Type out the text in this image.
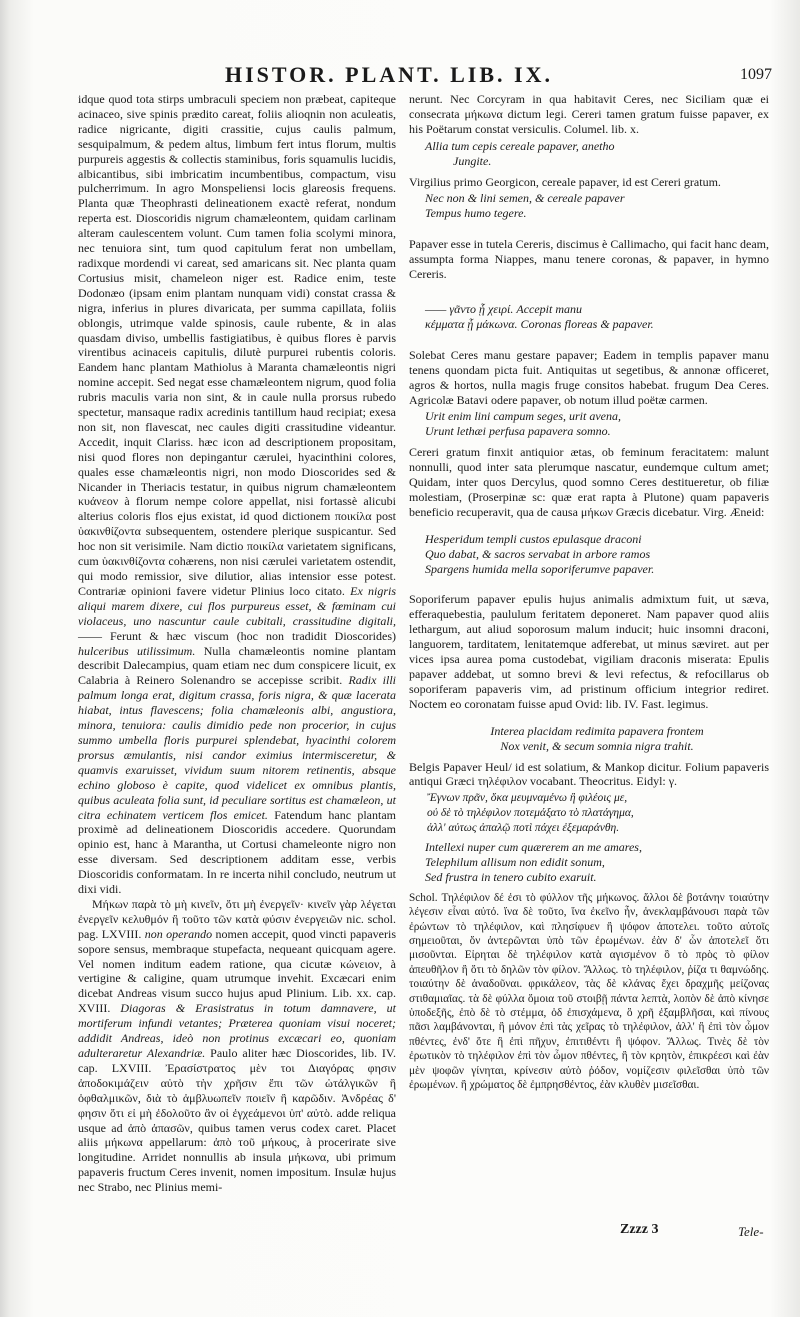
HISTOR. PLANT. LIB. IX.	1097

idque quod tota stirps umbraculi speciem non præbeat, capiteque acinaceo, sive spinis prædito careat, foliis alioqnin non aculeatis, radice nigricante, digiti crassitie, cujus caulis palmum, sesquipalmum, & pedem altus, limbum fert intus florum, multis purpureis aggestis & collectis staminibus, foris squamulis lucidis, albicantibus, sibi imbricatim incumbentibus, compactum, visu pulcherrimum. In agro Monspeliensi locis glareosis frequens. Planta quæ Theophrasti delineationem exactè referat, nondum reperta est. Dioscoridis nigrum chamæleontem, quidam carlinam alteram caulescentem volunt. Cum tamen folia scolymi minora, nec tenuiora sint, tum quod capitulum ferat non umbellam, radixque mordendi vi careat, sed amaricans sit. Nec planta quam Cortusius misit, chameleon niger est. Radice enim, teste Dodonæo (ipsam enim plantam nunquam vidi) constat crassa & nigra, inferius in plures divaricata, per summa capillata, foliis oblongis, utrimque valde spinosis, caule rubente, & in alas quasdam diviso, umbellis fastigiatibus, è quibus flores è parvis virentibus acinaceis capitulis, dilutè purpurei rubentis coloris. Eandem hanc plantam Mathiolus à Maranta chamæleontis nigri nomine accepit. Sed negat esse chamæleontem nigrum, quod folia rubris maculis varia non sint, & in caule nulla prorsus rubedo spectetur, mansaque radix acredinis tantillum haud recipiat; exesa non sit, non flavescat, nec caules digiti crassitudine videantur. Accedit, inquit Clariss. hæc icon ad descriptionem propositam, nisi quod flores non depingantur cærulei, hyacinthini colores, quales esse chamæleontis nigri, non modo Dioscorides sed & Nicander in Theriacis testatur, in quibus nigrum chamæleontem κυάνεον à florum nempe colore appellat, nisi fortassè alicubi alterius coloris flos ejus existat, id quod dictionem ποικίλα post ὑακινθίζοντα subsequentem, ostendere plerique suspicantur. Sed hoc non sit verisimile. Nam dictio ποικίλα varietatem significans, cum ὑακινθίζοντα cohærens, non nisi cærulei varietatem ostendit, qui modo remissior, sive dilutior, alias intensior esse potest. Contrariæ opinioni favere videtur Plinius loco citato. Ex nigris aliqui marem dixere, cui flos purpureus esset, & fœminam cui violaceus, uno nascuntur caule cubitali, crassitudine digitali, —— Ferunt & hæc viscum (hoc non tradidit Dioscorides) hulceribus utilissimum. Nulla chamæleontis nomine plantam describit Dalecampius, quam etiam nec dum conspicere licuit, ex Calabria à Reinero Solenandro se accepisse scribit. Radix illi palmum longa erat, digitum crassa, foris nigra, & quæ lacerata hiabat, intus flavescens; folia chamæleonis albi, angustiora, minora, tenuiora: caulis dimidio pede non procerior, in cujus summo umbella floris purpurei splendebat, hyacinthi colorem prorsus æmulantis, nisi candor eximius intermisceretur, & quamvis exaruisset, vividum suum nitorem retinentis, absque echino globoso è capite, quod videlicet ex omnibus plantis, quibus aculeata folia sunt, id peculiare sortitus est chamæleon, ut citra echinatem verticem flos emicet. Fatendum hanc plantam proximè ad delineationem Dioscoridis accedere. Quorundam opinio est, hanc à Marantha, ut Cortusi chameleonte nigro non esse diversam. Sed descriptionem additam esse, verbis Dioscoridis conformatam. In re incerta nihil concludo, neutrum ut dixi vidi.

Μήκων παρὰ τὸ μὴ κινεῖν, ὅτι μὴ ἐνεργεῖν· κινεῖν γὰρ λέγεται ἐνεργεῖν κελυθμόν ἢ τοῦτο τῶν κατὰ φύσιν ἐνεργειῶν nic. schol. pag. LXVIII. non operando nomen accepit, quod vincti papaveris sopore sensus, membraque stupefacta, nequeant quicquam agere. Vel nomen inditum eadem ratione, qua cicutæ κώνειον, à vertigine & caligine, quam utrumque invehit. Excæcari enim dicebat Andreas visum succo hujus apud Plinium. Lib. xx. cap. XVIII. Diagoras & Erasistratus in totum damnavere, ut mortiferum infundi vetantes; Præterea quoniam visui noceret; addidit Andreas, ideò non protinus excæcari eo, quoniam adulteraretur Alexandriæ. Paulo aliter hæc Dioscorides, lib. IV. cap. LXVIII. Ἐρασίστρατος μὲν τοι Διαγόρας φησιν ἀποδοκιμάζειν αὐτὸ τὴν χρῆσιν ἔπι τῶν ὠτάλγικῶν ἢ ὀφθαλμικῶν, διὰ τὸ ἀμβλυωπεῖν ποιεῖν ἢ καρῶδιν. Ἀνδρέας δ' φησιν ὅτι εἰ μὴ ἐδολοῦτο ἂν οἱ ἐγχεάμενοι ὑπ' αὐτὸ. adde reliqua usque ad ἀπὸ ἀπασῶν, quibus tamen verus codex caret. Placet aliis μήκωνα appellarum: ἀπὸ τοῦ μήκους, à procerirate sive longitudine. Arridet nonnullis ab insula μήκωνα, ubi primum papaveris fructum Ceres invenit, nomen impositum. Insulæ hujus nec Strabo, nec Plinius memi-

nerunt. Nec Corcyram in qua habitavit Ceres, nec Siciliam quæ ei consecrata μήκωνα dictum legi. Cereri tamen gratum fuisse papaver, ex his Poëtarum constat versiculis. Columel. lib. x.

Allia tum cepis cereale papaver, anetho
Jungite.

Virgilius primo Georgicon, cereale papaver, id est Cereri gratum.

Nec non & lini semen, & cereale papaver
Tempus humo tegere.

Papaver esse in tutela Cereris, discimus è Callimacho, qui facit hanc deam, assumpta forma Niappes, manu tenere coronas, & papaver, in hymno Cereris.

—— γᾶντο ᾗ χειρί. Accepit manu
κέμματα ᾗ μάκωνα. Coronas floreas & papaver.

Solebat Ceres manu gestare papaver; Eadem in templis papaver manu tenens quondam picta fuit. Antiquitas ut segetibus, & annonæ officeret, agros & hortos, nulla magis fruge consitos habebat. frugum Dea Ceres. Agricolæ Batavi odere papaver, ob notum illud poëtæ carmen.

Urit enim lini campum seges, urit avena,
Urunt lethæi perfusa papavera somno.

Cereri gratum finxit antiquior ætas, ob feminum feracitatem: malunt nonnulli, quod inter sata plerumque nascatur, eundemque cultum amet; Quidam, inter quos Dercylus, quod somno Ceres destitueretur, ob filiæ molestiam, (Proserpinæ sc: quæ erat rapta à Plutone) quam papaveris beneficio recuperavit, qua de causa μήκων Græcis dicebatur. Virg. Æneid:

Hesperidum templi custos epulasque draconi
Quo dabat, & sacros servabat in arbore ramos
Spargens humida mella soporiferumve papaver.

Soporiferum papaver epulis hujus animalis admixtum fuit, ut sæva, efferaquebestia, paululum feritatem deponeret. Nam papaver quod aliis lethargum, aut aliud soporosum malum inducit; huic insomni draconi, languorem, tarditatem, lenitatemque adferebat, ut minus sæviret. aut per vices ipsa aurea poma custodebat, vigiliam draconis miserata: Epulis papaver addebat, ut somno brevi & levi refectus, & refocillarus ob soporiferam papaveris vim, ad pristinum officium integrior rediret. Noctem eo coronatam fuisse apud Ovid: lib. IV. Fast. legimus.

Interea placidam redimita papavera frontem
Nox venit, & secum somnia nigra trahit.

Belgis Papaver Heul/ id est solatium, & Mankop dicitur. Folium papaveris antiqui Græci τηλέφιλον vocabant. Theocritus. Eidyl: γ.

Ἔγνων πρᾶν, ὅκα μευμναμένω ἢ φιλέοις με,
οὐ δὲ τὸ τηλέφιλον ποτεμάξατο τὸ πλατάγημα,
ἀλλ' αὐτως ἀπαλῷ ποτὶ πάχει ἐξεμαράνθη.
Intellexi nuper cum quærerem an me amares,
Telephilum allisum non edidit sonum,
Sed frustra in tenero cubito exaruit.

Schol. Τηλέφιλον δέ ἐσι τὸ φύλλον τῆς μήκωνος. ἄλλοι δὲ βοτάνην τοιαύτην λέγεσιν εἶναι αὐτό. ἵνα δὲ τοῦτο, ἵνα ἐκεῖνο ἦν, ἀνεκλαμβάνουσι παρὰ τῶν ἐρώντων τὸ τηλέφιλον, καὶ πλησίφυεν ἢ ψόφον ἀποτελει. τοῦτο αὐτοῖς σημειοῦται, ὅν ἀντερῶνται ὑπὸ τῶν ἐρωμένων. ἐὰν δ' ὧν ἀποτελεῖ ὅτι μισοῦνται. Εἰρηται δὲ τηλέφιλον κατὰ αγισμένον ὃ τὸ πρὸς τὸ φίλον ἀπευθῆλον ἢ ὅτι τὸ δηλῶν τὸν φίλον. Ἄλλως. τὸ τηλέφιλον, ῥίζα τι θαμνώδης. τοιαύτην δὲ ἀναδοῦναι. φρικάλεον, τὰς δὲ κλάνας ἔχει δραχμῆς μείζονας στιθαμιαῖας. τὰ δὲ φύλλα ὅμοια τοῦ στοιβῇ πάντα λεπτὰ, λοπὸν δὲ ἀπὸ κίνησε ὑποδεξῆς, ἐπὸ δὲ τὸ στέμμα, ὁδ ἐπισχάμενα, ὃ χρῆ ἐξαμβλῆσαι, καὶ πίνους πᾶσι λαμβάνονται, ἢ μόνον ἐπὶ τὰς χεῖρας τὸ τηλέφιλον, ἀλλ' ἢ ἐπὶ τὸν ὦμον πθέντες, ἐνδ' ὅτε ἢ ἐπὶ πῆχυν, ἐπιτιθέντι ἢ ψόφον. Ἄλλως. Τινὲς δὲ τὸν ἐρωτικὸν τὸ τηλέφιλον ἐπὶ τὸν ὦμον πθέντες, ἢ τὸν κρητὸν, ἐπικρέεσι καὶ ἐὰν μὲν ψοφῶν γίνηται, κρίνεσιν αὐτὸ ῥόδον, νομίζεσιν φιλεῖσθαι ὑπὸ τῶν ἐρωμένων. ἢ χρώματος δὲ ἐμπρησθέντος, ἐὰν κλυθὲν μισεῖσθαι.

Zzzz 3	Tele-
